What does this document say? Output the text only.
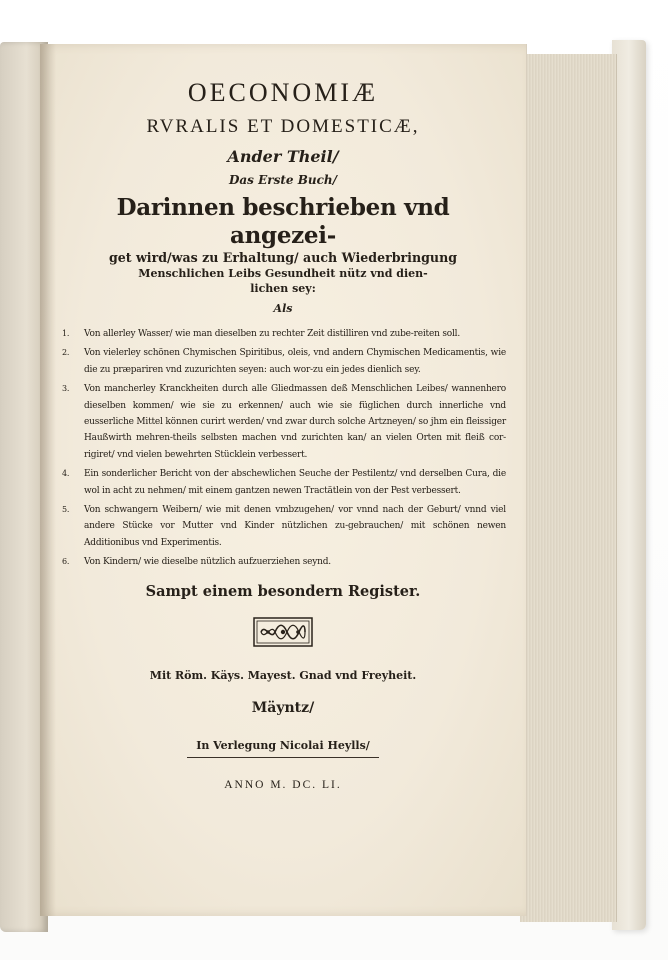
OECONOMIÆ
RVRALIS ET DOMESTICÆ,
Ander Theil/
Das Erste Buch/
Darinnen beschrieben vnd angezei-
get wird/was zu Erhaltung/ auch Wiederbringung
Menschlichen Leibs Gesundheit nütz vnd dien-
lichen sey:
Als
1. Von allerley Wasser/ wie man dieselben zu rechter Zeit distilliren vnd zube-reiten soll.
2. Von vielerley schönen Chymischen Spiritibus, oleis, vnd andern Chymischen Medicamentis, wie die zu præpariren vnd zuzurichten seyen: auch wor-zu ein jedes dienlich sey.
3. Von mancherley Kranckheiten durch alle Gliedmassen deß Menschlichen Leibes/ wannenhero dieselben kommen/ wie sie zu erkennen/ auch wie sie füglichen durch innerliche vnd eusserliche Mittel können curirt werden/ vnd zwar durch solche Artzneyen/ so jhm ein fleissiger Haußwirth mehren-theils selbsten machen vnd zurichten kan/ an vielen Orten mit fleiß cor-rigiret/ vnd vielen bewehrten Stücklein verbessert.
4. Ein sonderlicher Bericht von der abschewlichen Seuche der Pestilentz/ vnd derselben Cura, die wol in acht zu nehmen/ mit einem gantzen newen Tractätlein von der Pest verbessert.
5. Von schwangern Weibern/ wie mit denen vmbzugehen/ vor vnnd nach der Geburt/ vnnd viel andere Stücke vor Mutter vnd Kinder nützlichen zu-gebrauchen/ mit schönen newen Additionibus vnd Experimentis.
6. Von Kindern/ wie dieselbe nützlich aufzuerziehen seynd.
Sampt einem besondern Register.
Mit Röm. Käys. Mayest. Gnad vnd Freyheit.
Mäyntz/
In Verlegung Nicolai Heylls/
ANNO M. DC. LI.
